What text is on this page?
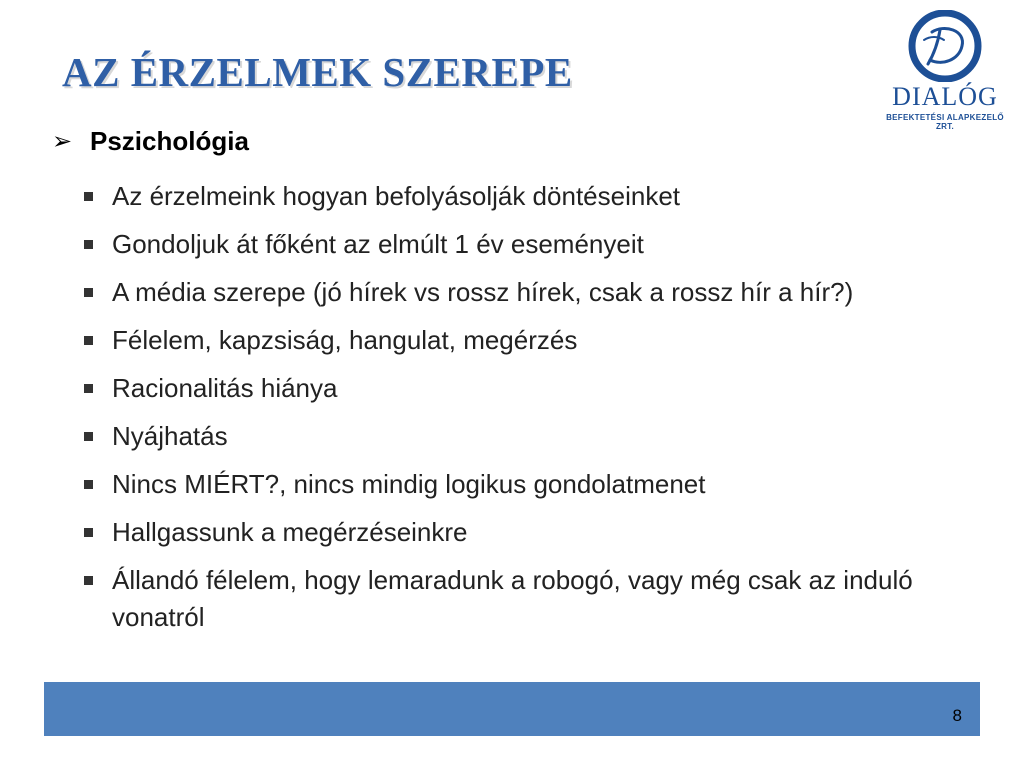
AZ ÉRZELMEK SZEREPE
DIALÓG
BEFEKTETÉSI ALAPKEZELŐ ZRT.
➢ Pszichológia
Az érzelmeink hogyan befolyásolják döntéseinket
Gondoljuk át főként az elmúlt 1 év eseményeit
A média szerepe (jó hírek vs rossz hírek, csak a rossz hír a hír?)
Félelem, kapzsiság, hangulat, megérzés
Racionalitás hiánya
Nyájhatás
Nincs MIÉRT?, nincs mindig logikus gondolatmenet
Hallgassunk a megérzéseinkre
Állandó félelem, hogy lemaradunk a robogó, vagy még csak az induló vonatról
8
